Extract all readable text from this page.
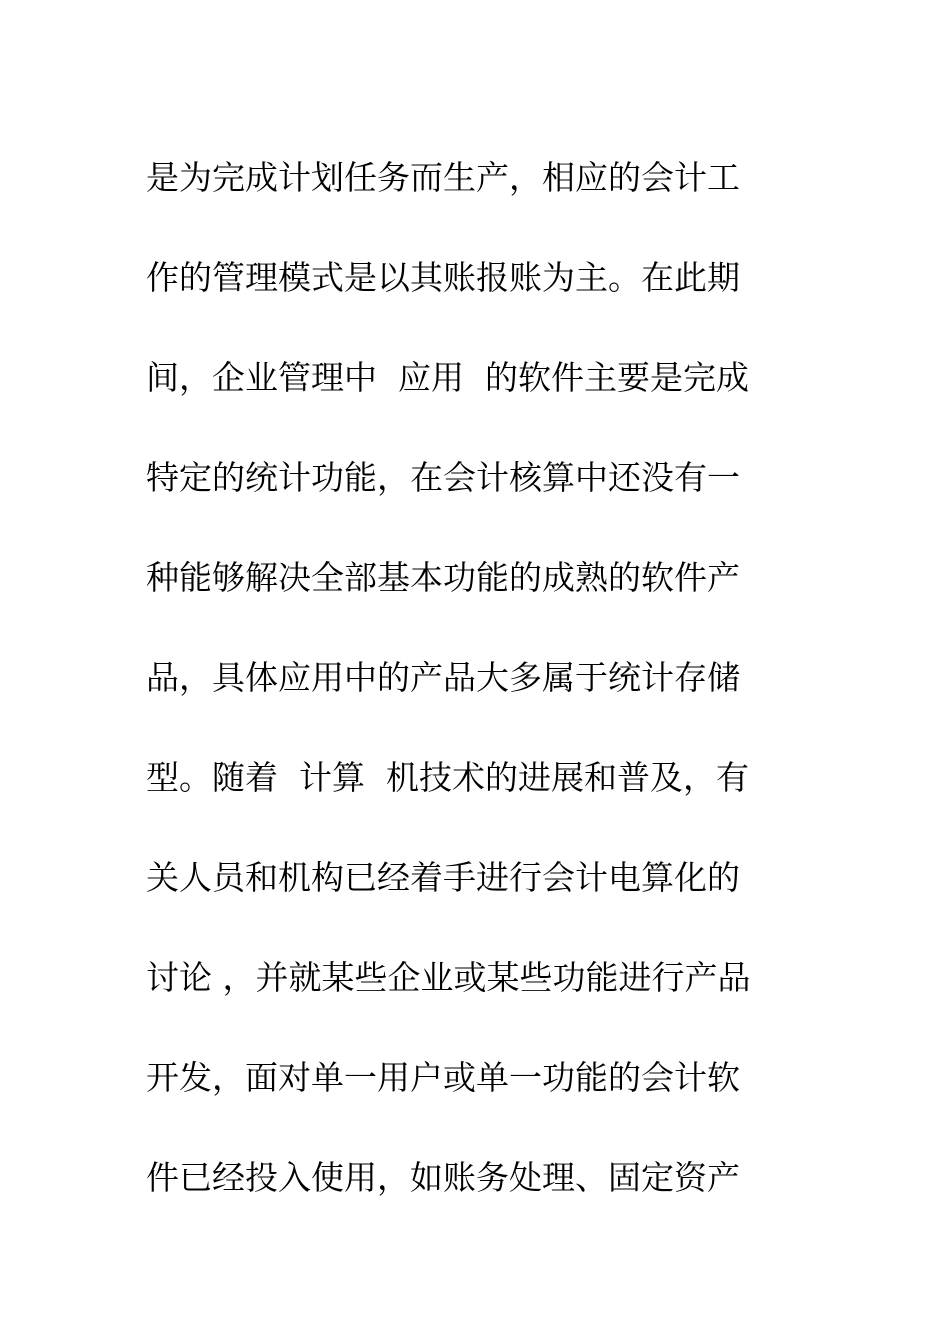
是为完成计划任务而生产，相应的会计工
作的管理模式是以其账报账为主。在此期
间，企业管理中  应用  的软件主要是完成
特定的统计功能，在会计核算中还没有一
种能够解决全部基本功能的成熟的软件产
品，具体应用中的产品大多属于统计存储
型。随着  计算  机技术的进展和普及，有
关人员和机构已经着手进行会计电算化的
讨论 ，并就某些企业或某些功能进行产品
开发，面对单一用户或单一功能的会计软
件已经投入使用，如账务处理、固定资产
